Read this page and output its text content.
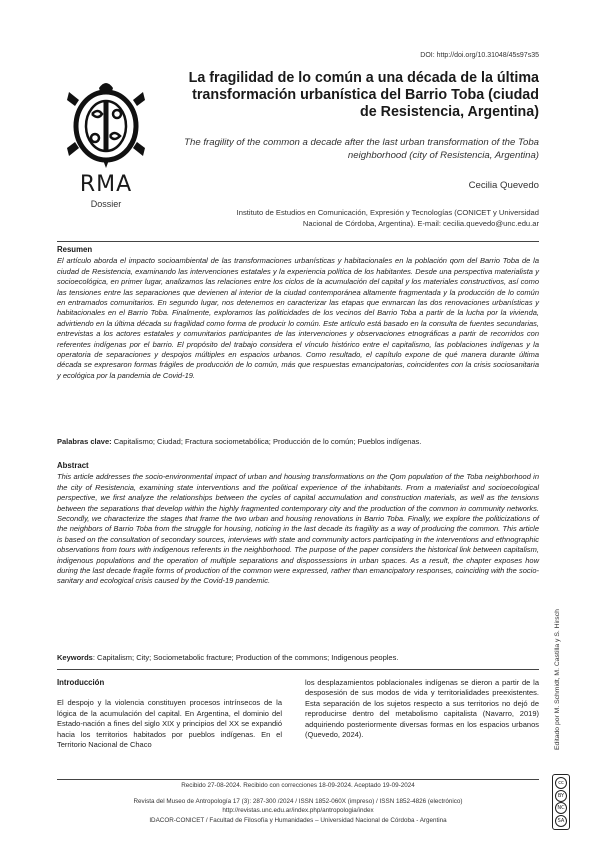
DOI: http://doi.org/10.31048/45s97s35
RMA
Dossier
La fragilidad de lo común a una década de la última transformación urbanística del Barrio Toba (ciudad de Resistencia, Argentina)
The fragility of the common a decade after the last urban transformation of the Toba neighborhood (city of Resistencia, Argentina)
Cecilia Quevedo
Instituto de Estudios en Comunicación, Expresión y Tecnologías (CONICET y Universidad Nacional de Córdoba, Argentina). E-mail: cecilia.quevedo@unc.edu.ar
Resumen

El artículo aborda el impacto socioambiental de las transformaciones urbanísticas y habitacionales en la población qom del Barrio Toba de la ciudad de Resistencia, examinando las intervenciones estatales y la experiencia política de los habitantes. Desde una perspectiva materialista y socioecológica, en primer lugar, analizamos las relaciones entre los ciclos de la acumulación del capital y los materiales constructivos, así como las tensiones entre las separaciones que devienen al interior de la ciudad contemporánea altamente fragmentada y la producción de lo común en entramados comunitarios. En segundo lugar, nos detenemos en caracterizar las etapas que enmarcan las dos renovaciones urbanísticas y habitacionales en el Barrio Toba. Finalmente, exploramos las politicidades de los vecinos del Barrio Toba a partir de la lucha por la vivienda, advirtiendo en la última década su fragilidad como forma de producir lo común. Este artículo está basado en la consulta de fuentes secundarias, entrevistas a los actores estatales y comunitarios participantes de las intervenciones y observaciones etnográficas a partir de recorridos con referentes indígenas por el barrio. El propósito del trabajo considera el vínculo histórico entre el capitalismo, las poblaciones indígenas y la operatoria de separaciones y despojos múltiples en espacios urbanos. Como resultado, el capítulo expone de qué manera durante última década se expresaron formas frágiles de producción de lo común, más que respuestas emancipatorias, coincidentes con la crisis sociosanitaria y ecológica por la pandemia de Covid-19.

Palabras clave: Capitalismo; Ciudad; Fractura sociometabólica; Producción de lo común; Pueblos indígenas.
Abstract

This article addresses the socio-environmental impact of urban and housing transformations on the Qom population of the Toba neighborhood in the city of Resistencia, examining state interventions and the political experience of the inhabitants. From a materialist and socioecological perspective, we first analyze the relationships between the cycles of capital accumulation and construction materials, as well as the tensions between the separations that develop within the highly fragmented contemporary city and the production of the common in community networks. Secondly, we characterize the stages that frame the two urban and housing renovations in Barrio Toba. Finally, we explore the politicizations of the neighbors of Barrio Toba from the struggle for housing, noticing in the last decade its fragility as a way of producing the common. This article is based on the consultation of secondary sources, interviews with state and community actors participating in the interventions and ethnographic observations from tours with indigenous referents in the neighborhood. The purpose of the paper considers the historical link between capitalism, indigenous populations and the operation of multiple separations and dispossessions in urban spaces. As a result, the chapter exposes how during the last decade fragile forms of production of the common were expressed, rather than emancipatory responses, coinciding with the socio-sanitary and ecological crisis caused by the Covid-19 pandemic.

Keywords: Capitalism; City; Sociometabolic fracture; Production of the commons; Indigenous peoples.
Introducción

El despojo y la violencia constituyen procesos intrínsecos de la lógica de la acumulación del capital. En Argentina, el dominio del Estado-nación a fines del siglo XIX y principios del XX se expandió hacia los territorios habitados por pueblos indígenas. En el Territorio Nacional de Chaco

los desplazamientos poblacionales indígenas se dieron a partir de la desposesión de sus modos de vida y territorialidades preexistentes. Esta separación de los sujetos respecto a sus territorios no dejó de reproducirse dentro del metabolismo capitalista (Navarro, 2019) adquiriendo posteriormente diversas formas en los espacios urbanos (Quevedo, 2024).

Recibido 27-08-2024. Recibido con correcciones 18-09-2024. Aceptado 19-09-2024
Revista del Museo de Antropología 17 (3): 287-300 /2024 / ISSN 1852-060X (impreso) / ISSN 1852-4826 (electrónico)
http://revistas.unc.edu.ar/index.php/antropologia/index
IDACOR-CONICET / Facultad de Filosofía y Humanidades – Universidad Nacional de Córdoba - Argentina
Editado por M. Schmidt, M. Castilla y S. Hirsch
cc
BY
NC
SA
